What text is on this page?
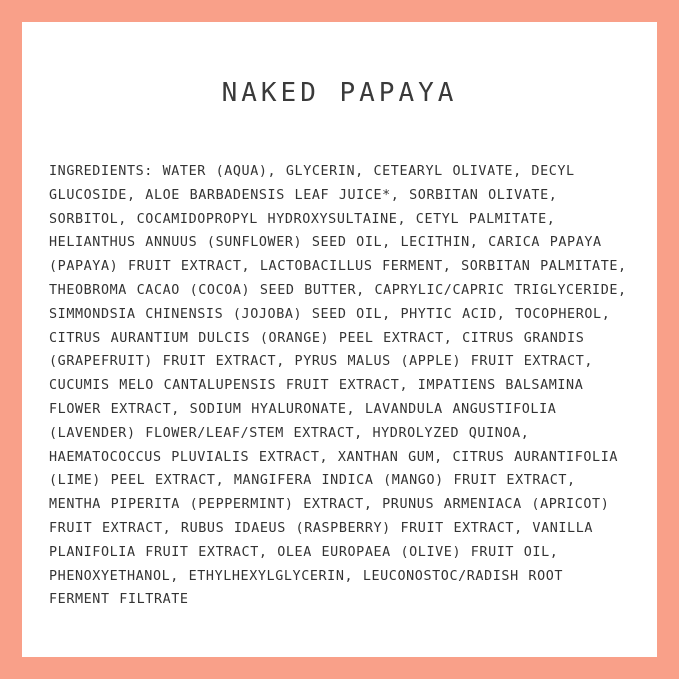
NAKED PAPAYA

INGREDIENTS: WATER (AQUA), GLYCERIN, CETEARYL OLIVATE, DECYL GLUCOSIDE, ALOE BARBADENSIS LEAF JUICE*, SORBITAN OLIVATE, SORBITOL, COCAMIDOPROPYL HYDROXYSULTAINE, CETYL PALMITATE, HELIANTHUS ANNUUS (SUNFLOWER) SEED OIL, LECITHIN, CARICA PAPAYA (PAPAYA) FRUIT EXTRACT, LACTOBACILLUS FERMENT, SORBITAN PALMITATE, THEOBROMA CACAO (COCOA) SEED BUTTER, CAPRYLIC/CAPRIC TRIGLYCERIDE, SIMMONDSIA CHINENSIS (JOJOBA) SEED OIL, PHYTIC ACID, TOCOPHEROL, CITRUS AURANTIUM DULCIS (ORANGE) PEEL EXTRACT, CITRUS GRANDIS (GRAPEFRUIT) FRUIT EXTRACT, PYRUS MALUS (APPLE) FRUIT EXTRACT, CUCUMIS MELO CANTALUPENSIS FRUIT EXTRACT, IMPATIENS BALSAMINA FLOWER EXTRACT, SODIUM HYALURONATE, LAVANDULA ANGUSTIFOLIA (LAVENDER) FLOWER/LEAF/STEM EXTRACT, HYDROLYZED QUINOA, HAEMATOCOCCUS PLUVIALIS EXTRACT, XANTHAN GUM, CITRUS AURANTIFOLIA (LIME) PEEL EXTRACT, MANGIFERA INDICA (MANGO) FRUIT EXTRACT, MENTHA PIPERITA (PEPPERMINT) EXTRACT, PRUNUS ARMENIACA (APRICOT) FRUIT EXTRACT, RUBUS IDAEUS (RASPBERRY) FRUIT EXTRACT, VANILLA PLANIFOLIA FRUIT EXTRACT, OLEA EUROPAEA (OLIVE) FRUIT OIL, PHENOXYETHANOL, ETHYLHEXYLGLYCERIN, LEUCONOSTOC/RADISH ROOT FERMENT FILTRATE
